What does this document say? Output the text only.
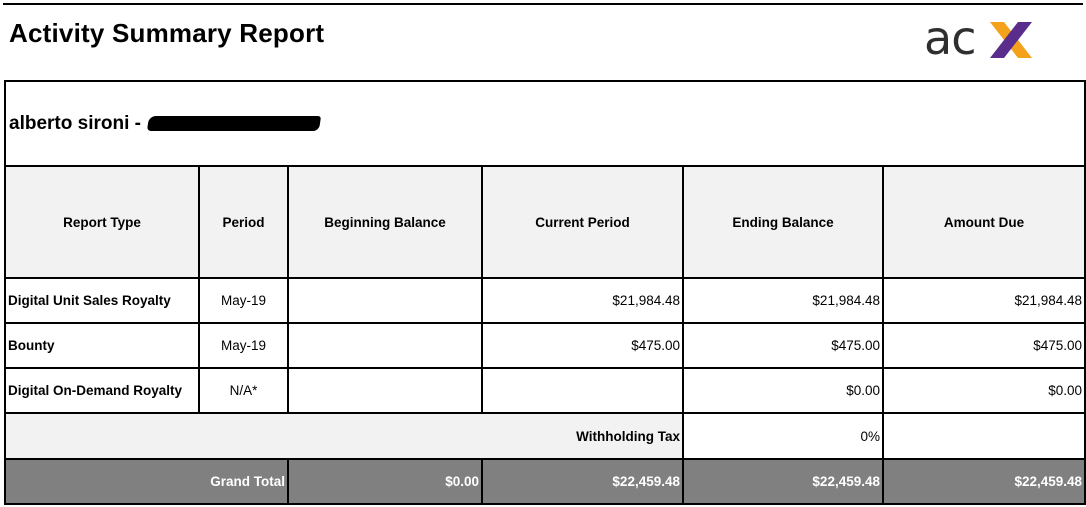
Activity Summary Report	ac
alberto sironi -					
Report Type	Period	Beginning Balance	Current Period	Ending Balance	Amount Due
Digital Unit Sales Royalty	May-19		$21,984.48	$21,984.48	$21,984.48
Bounty	May-19		$475.00	$475.00	$475.00
Digital On-Demand Royalty	N/A*			$0.00	$0.00
Withholding Tax				0%	
Grand Total		$0.00	$22,459.48	$22,459.48	$22,459.48
